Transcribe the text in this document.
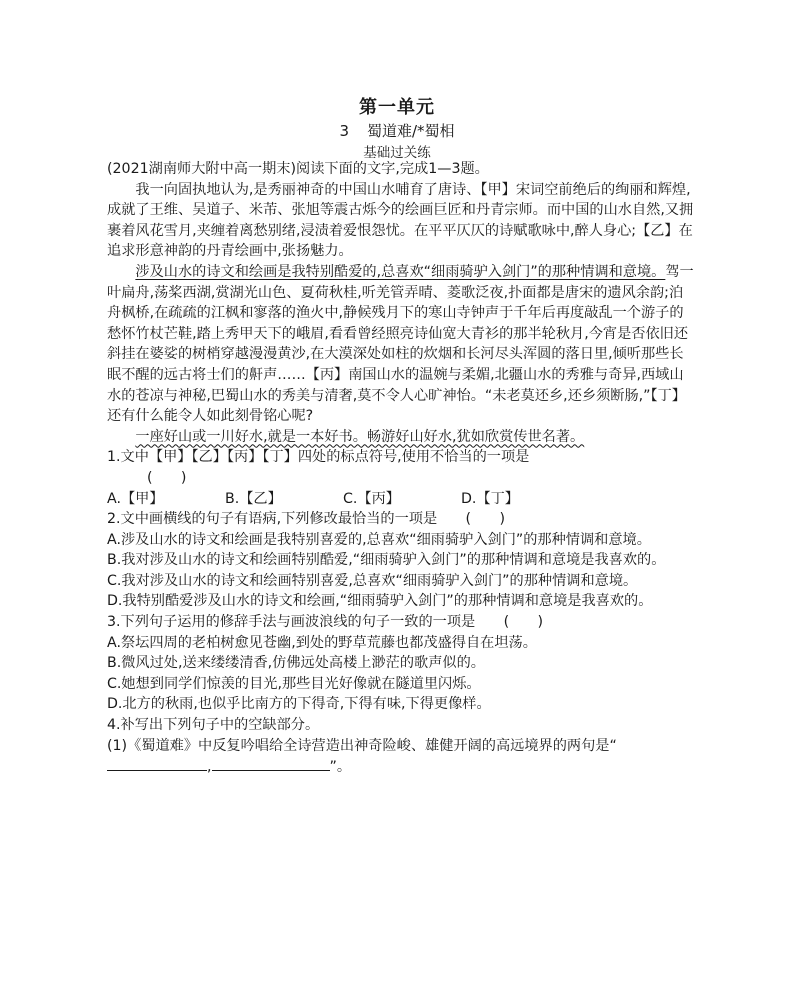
第一单元
3 蜀道难/*蜀相
基础过关练

(2021湖南师大附中高一期末)阅读下面的文字,完成1—3题。

我一向固执地认为,是秀丽神奇的中国山水哺育了唐诗、【甲】宋词空前绝后的绚丽和辉煌,成就了王维、吴道子、米芾、张旭等震古烁今的绘画巨匠和丹青宗师。而中国的山水自然,又拥裹着风花雪月,夹缠着离愁别绪,浸渍着爱恨怨忧。在平平仄仄的诗赋歌咏中,醉人身心;【乙】在追求形意神韵的丹青绘画中,张扬魅力。

涉及山水的诗文和绘画是我特别酷爱的,总喜欢“细雨骑驴入剑门”的那种情调和意境。驾一叶扁舟,荡桨西湖,赏湖光山色、夏荷秋桂,听羌管弄晴、菱歌泛夜,扑面都是唐宋的遗风余韵;泊舟枫桥,在疏疏的江枫和寥落的渔火中,静候残月下的寒山寺钟声于千年后再度敲乱一个游子的愁怀竹杖芒鞋,踏上秀甲天下的峨眉,看看曾经照亮诗仙宽大青衫的那半轮秋月,今宵是否依旧还斜挂在婆娑的树梢穿越漫漫黄沙,在大漠深处如柱的炊烟和长河尽头浑圆的落日里,倾听那些长眠不醒的远古将士们的鼾声……【丙】南国山水的温婉与柔媚,北疆山水的秀雅与奇异,西域山水的苍凉与神秘,巴蜀山水的秀美与清奢,莫不令人心旷神怡。“未老莫还乡,还乡须断肠,”【丁】还有什么能令人如此刻骨铭心呢?

一座好山或一川好水,就是一本好书。畅游好山好水,犹如欣赏传世名著。

1.文中【甲】【乙】【丙】【丁】四处的标点符号,使用不恰当的一项是

(　　)

A.【甲】	B.【乙】	C.【丙】	D.【丁】

2.文中画横线的句子有语病,下列修改最恰当的一项是　　(　　)

A.涉及山水的诗文和绘画是我特别喜爱的,总喜欢“细雨骑驴入剑门”的那种情调和意境。

B.我对涉及山水的诗文和绘画特别酷爱,“细雨骑驴入剑门”的那种情调和意境是我喜欢的。

C.我对涉及山水的诗文和绘画特别喜爱,总喜欢“细雨骑驴入剑门”的那种情调和意境。

D.我特别酷爱涉及山水的诗文和绘画,“细雨骑驴入剑门”的那种情调和意境是我喜欢的。

3.下列句子运用的修辞手法与画波浪线的句子一致的一项是　　(　　)

A.祭坛四周的老柏树愈见苍幽,到处的野草荒藤也都茂盛得自在坦荡。

B.微风过处,送来缕缕清香,仿佛远处高楼上渺茫的歌声似的。

C.她想到同学们惊羡的目光,那些目光好像就在隧道里闪烁。

D.北方的秋雨,也似乎比南方的下得奇,下得有味,下得更像样。

4.补写出下列句子中的空缺部分。

(1)《蜀道难》中反复吟唱给全诗营造出神奇险峻、雄健开阔的高远境界的两句是“,	”。
